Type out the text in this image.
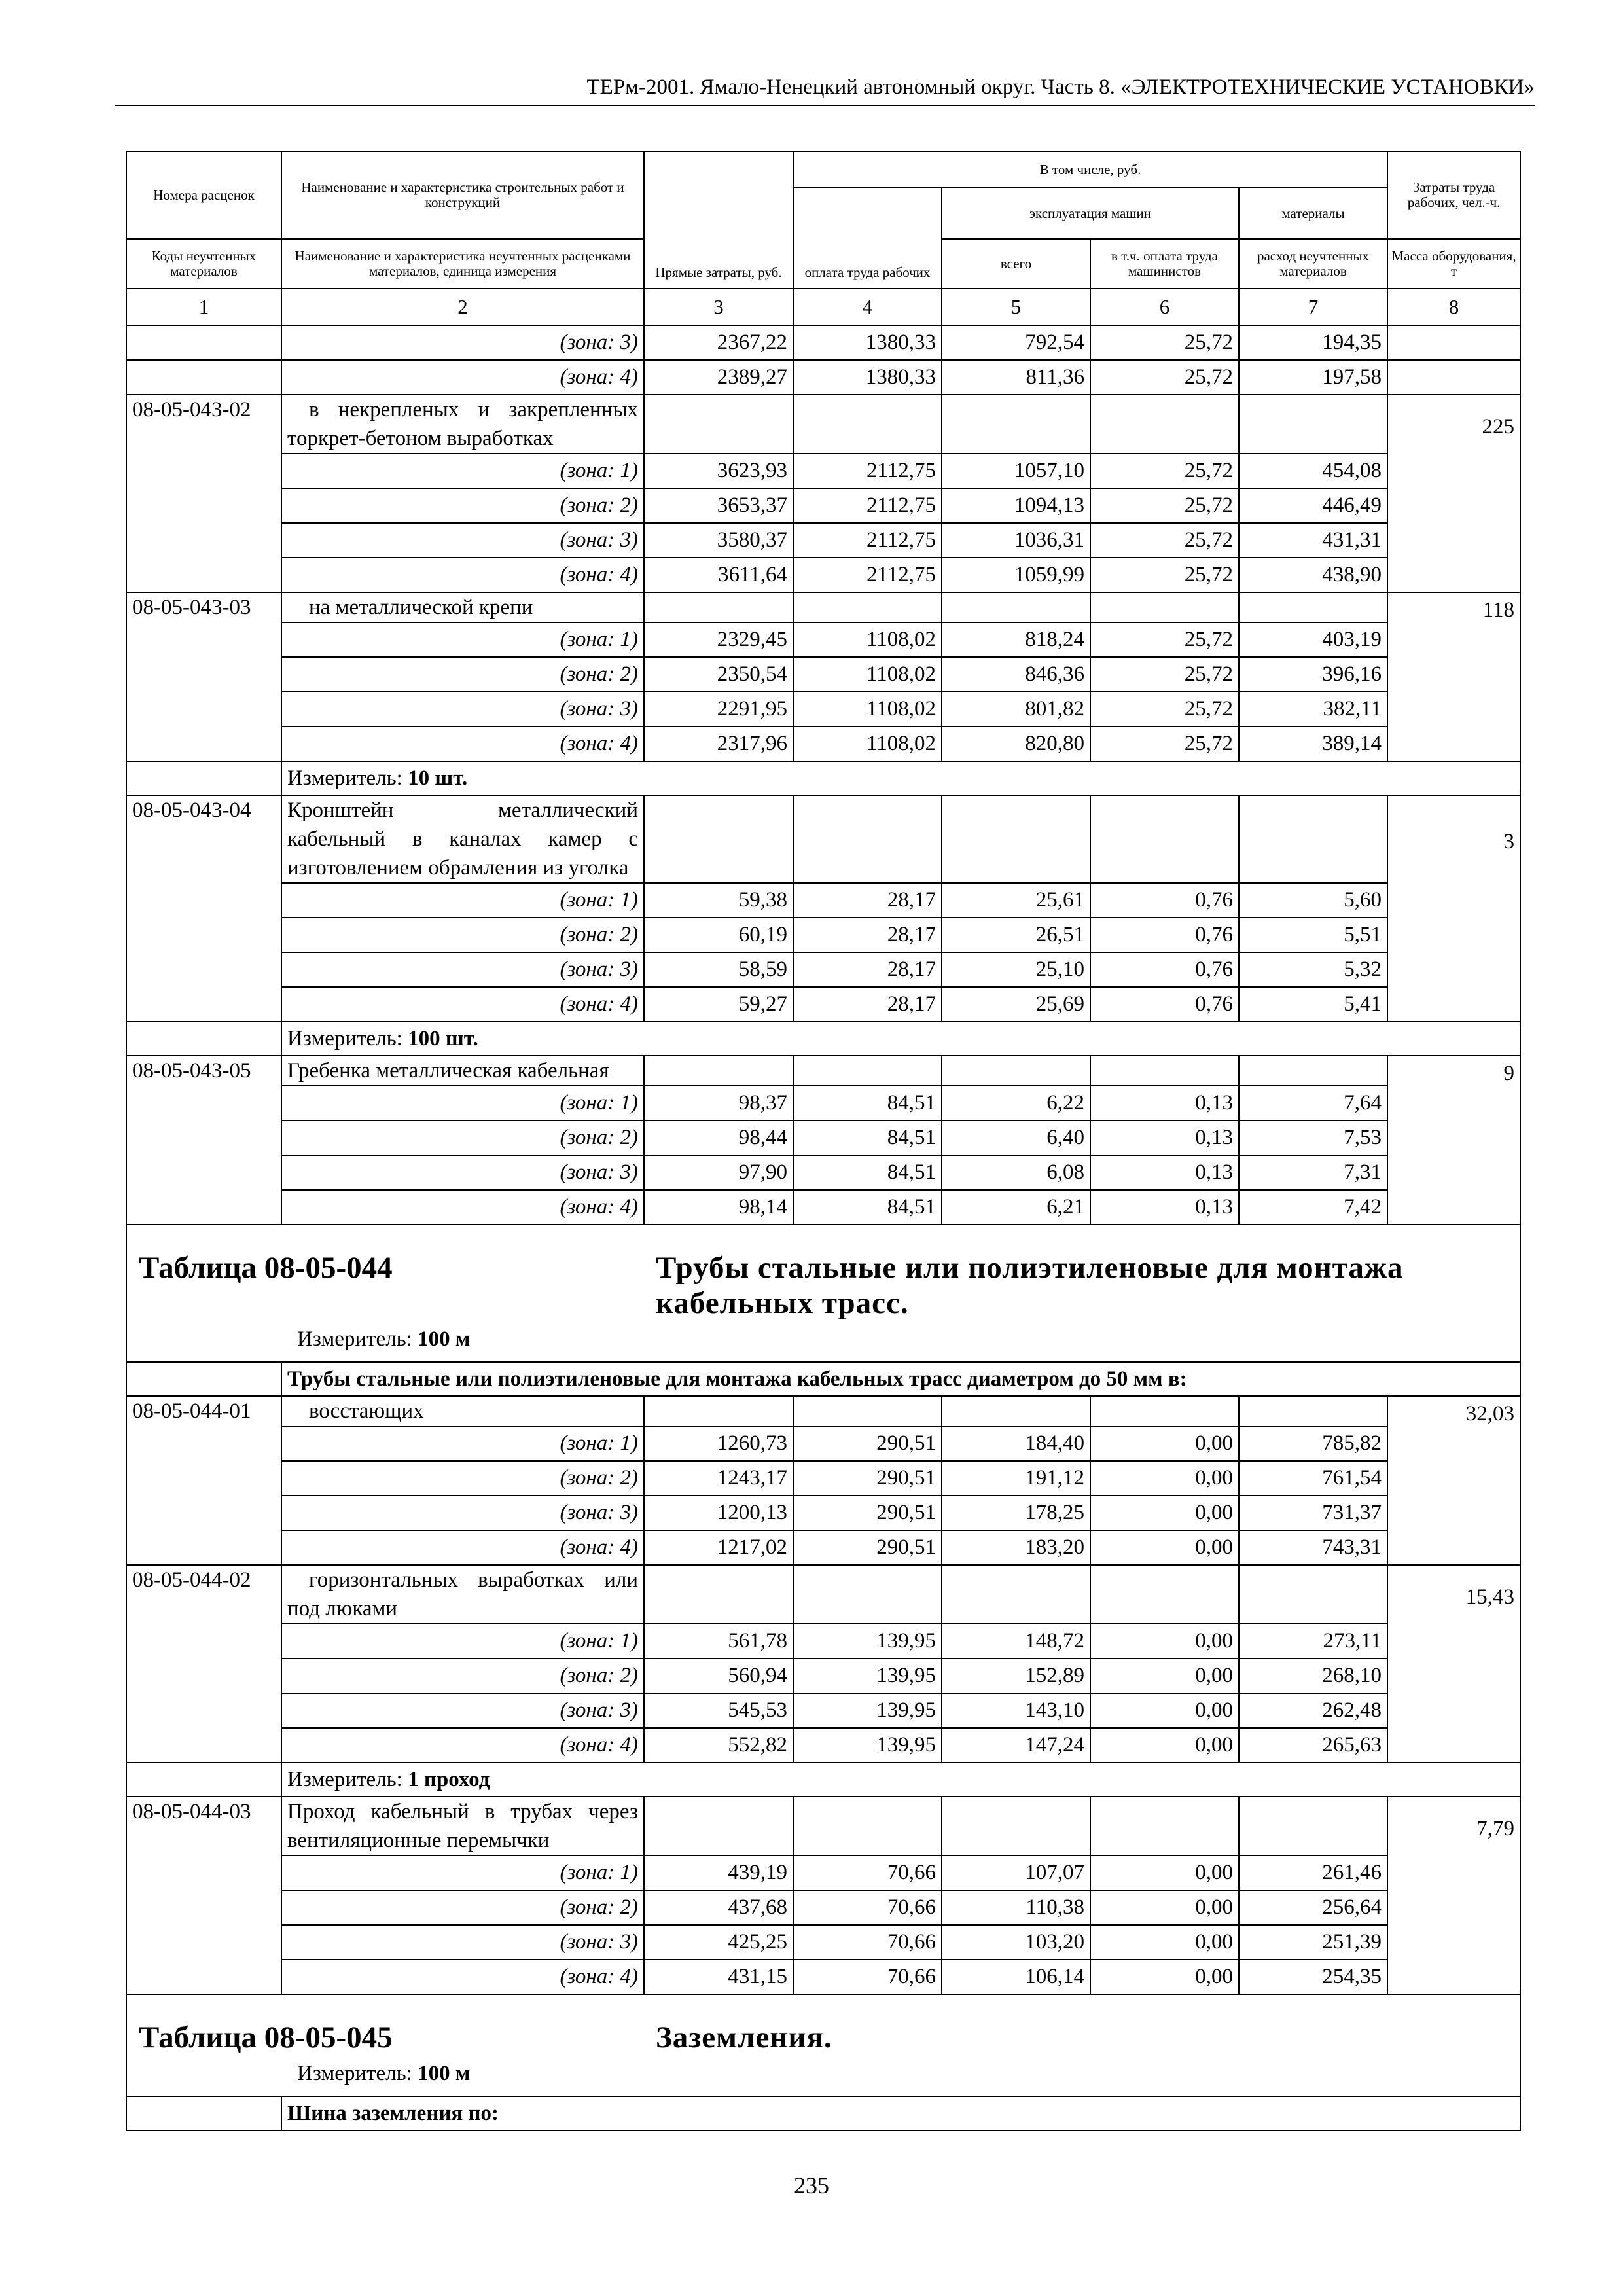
ТЕРм-2001. Ямало-Ненецкий автономный округ. Часть 8. «ЭЛЕКТРОТЕХНИЧЕСКИЕ УСТАНОВКИ»
Номера расценок	Наименование и характеристика строительных работ и конструкций	Прямые затраты, руб.	В том числе, руб.				Затраты труда рабочих, чел.-ч.
			оплата труда рабочих	эксплуатация машин		материалы	
Коды неучтенных материалов	Наименование и характеристика неучтенных расценками материалов, единица измерения			всего	в т.ч. оплата труда машинистов	расход неучтенных материалов	Масса оборудования, т
1	2	3	4	5	6	7	8
	(зона: 3)	2367,22	1380,33	792,54	25,72	194,35	
	(зона: 4)	2389,27	1380,33	811,36	25,72	197,58	
08-05-043-02	 в некрепленых и закрепленных торкрет-бетоном выработках						225
	(зона: 1)	3623,93	2112,75	1057,10	25,72	454,08	
	(зона: 2)	3653,37	2112,75	1094,13	25,72	446,49	
	(зона: 3)	3580,37	2112,75	1036,31	25,72	431,31	
	(зона: 4)	3611,64	2112,75	1059,99	25,72	438,90	
08-05-043-03	 на металлической крепи						118
	(зона: 1)	2329,45	1108,02	818,24	25,72	403,19	
	(зона: 2)	2350,54	1108,02	846,36	25,72	396,16	
	(зона: 3)	2291,95	1108,02	801,82	25,72	382,11	
	(зона: 4)	2317,96	1108,02	820,80	25,72	389,14	
	Измеритель: 10 шт.						
08-05-043-04	Кронштейн металлический кабельный в каналах камер с изготовлением обрамления из уголка						3
	(зона: 1)	59,38	28,17	25,61	0,76	5,60	
	(зона: 2)	60,19	28,17	26,51	0,76	5,51	
	(зона: 3)	58,59	28,17	25,10	0,76	5,32	
	(зона: 4)	59,27	28,17	25,69	0,76	5,41	
	Измеритель: 100 шт.						
08-05-043-05	Гребенка металлическая кабельная						9
	(зона: 1)	98,37	84,51	6,22	0,13	7,64	
	(зона: 2)	98,44	84,51	6,40	0,13	7,53	
	(зона: 3)	97,90	84,51	6,08	0,13	7,31	
	(зона: 4)	98,14	84,51	6,21	0,13	7,42	

Таблица 08-05-044 Трубы стальные или полиэтиленовые для монтажа кабельных трасс.
Измеритель: 100 м							

	Трубы стальные или полиэтиленовые для монтажа кабельных трасс диаметром до 50 мм в:						
08-05-044-01	 восстающих						32,03
	(зона: 1)	1260,73	290,51	184,40	0,00	785,82	
	(зона: 2)	1243,17	290,51	191,12	0,00	761,54	
	(зона: 3)	1200,13	290,51	178,25	0,00	731,37	
	(зона: 4)	1217,02	290,51	183,20	0,00	743,31	
08-05-044-02	 горизонтальных выработках или под люками						15,43
	(зона: 1)	561,78	139,95	148,72	0,00	273,11	
	(зона: 2)	560,94	139,95	152,89	0,00	268,10	
	(зона: 3)	545,53	139,95	143,10	0,00	262,48	
	(зона: 4)	552,82	139,95	147,24	0,00	265,63	
	Измеритель: 1 проход						
08-05-044-03	Проход кабельный в трубах через вентиляционные перемычки						7,79
	(зона: 1)	439,19	70,66	107,07	0,00	261,46	
	(зона: 2)	437,68	70,66	110,38	0,00	256,64	
	(зона: 3)	425,25	70,66	103,20	0,00	251,39	
	(зона: 4)	431,15	70,66	106,14	0,00	254,35	

Таблица 08-05-045 Заземления.
Измеритель: 100 м							

	Шина заземления по:						
235
